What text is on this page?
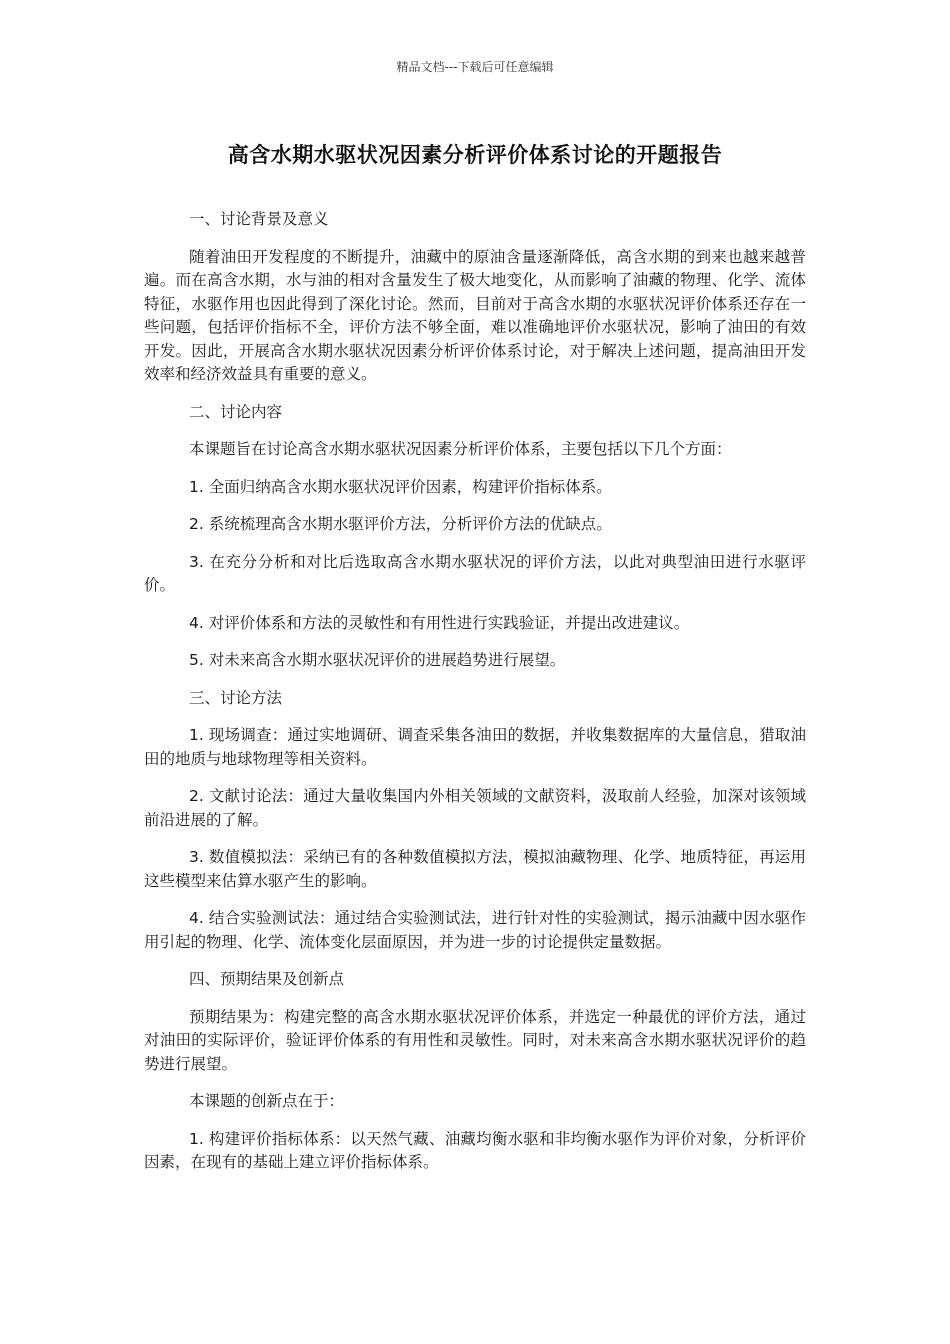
精品文档---下载后可任意编辑
高含水期水驱状况因素分析评价体系讨论的开题报告

一、讨论背景及意义

随着油田开发程度的不断提升，油藏中的原油含量逐渐降低，高含水期的到来也越来越普遍。而在高含水期，水与油的相对含量发生了极大地变化，从而影响了油藏的物理、化学、流体特征，水驱作用也因此得到了深化讨论。然而，目前对于高含水期的水驱状况评价体系还存在一些问题，包括评价指标不全，评价方法不够全面，难以准确地评价水驱状况，影响了油田的有效开发。因此，开展高含水期水驱状况因素分析评价体系讨论，对于解决上述问题，提高油田开发效率和经济效益具有重要的意义。

二、讨论内容

本课题旨在讨论高含水期水驱状况因素分析评价体系，主要包括以下几个方面：

1. 全面归纳高含水期水驱状况评价因素，构建评价指标体系。

2. 系统梳理高含水期水驱评价方法，分析评价方法的优缺点。

3. 在充分分析和对比后选取高含水期水驱状况的评价方法，以此对典型油田进行水驱评价。

4. 对评价体系和方法的灵敏性和有用性进行实践验证，并提出改进建议。

5. 对未来高含水期水驱状况评价的进展趋势进行展望。

三、讨论方法

1. 现场调查：通过实地调研、调查采集各油田的数据，并收集数据库的大量信息，猎取油田的地质与地球物理等相关资料。

2. 文献讨论法：通过大量收集国内外相关领域的文献资料，汲取前人经验，加深对该领域前沿进展的了解。

3. 数值模拟法：采纳已有的各种数值模拟方法，模拟油藏物理、化学、地质特征，再运用这些模型来估算水驱产生的影响。

4. 结合实验测试法：通过结合实验测试法，进行针对性的实验测试，揭示油藏中因水驱作用引起的物理、化学、流体变化层面原因，并为进一步的讨论提供定量数据。

四、预期结果及创新点

预期结果为：构建完整的高含水期水驱状况评价体系，并选定一种最优的评价方法，通过对油田的实际评价，验证评价体系的有用性和灵敏性。同时，对未来高含水期水驱状况评价的趋势进行展望。

本课题的创新点在于：

1. 构建评价指标体系：以天然气藏、油藏均衡水驱和非均衡水驱作为评价对象，分析评价因素，在现有的基础上建立评价指标体系。
